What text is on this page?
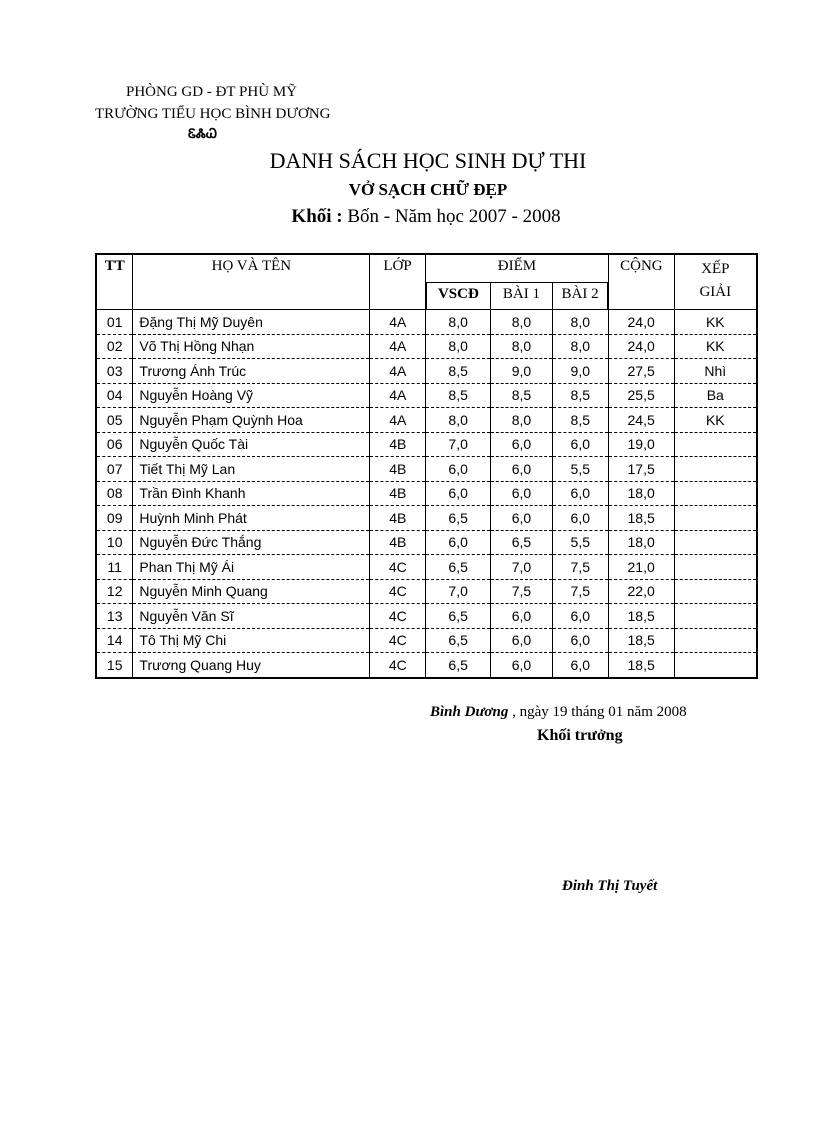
PHÒNG GD - ĐT PHÙ MỸ
TRƯỜNG TIỂU HỌC BÌNH DƯƠNG
ᏋᏜᏇ
DANH SÁCH HỌC SINH DỰ THI
VỞ SẠCH CHỮ ĐẸP
Khối : Bốn - Năm học 2007 - 2008
TT	HỌ VÀ TÊN	LỚP	ĐIỂM			CỘNG	XẾP GIẢI
			VSCĐ	BÀI 1	BÀI 2		
01	Đặng Thị Mỹ Duyên	4A	8,0	8,0	8,0	24,0	KK
02	Võ Thị Hồng Nhạn	4A	8,0	8,0	8,0	24,0	KK
03	Trương Ánh Trúc	4A	8,5	9,0	9,0	27,5	Nhì
04	Nguyễn Hoàng Vỹ	4A	8,5	8,5	8,5	25,5	Ba
05	Nguyễn Phạm Quỳnh Hoa	4A	8,0	8,0	8,5	24,5	KK
06	Nguyễn Quốc Tài	4B	7,0	6,0	6,0	19,0	
07	Tiết Thị Mỹ Lan	4B	6,0	6,0	5,5	17,5	
08	Trần Đình Khanh	4B	6,0	6,0	6,0	18,0	
09	Huỳnh Minh Phát	4B	6,5	6,0	6,0	18,5	
10	Nguyễn Đức Thắng	4B	6,0	6,5	5,5	18,0	
11	Phan Thị Mỹ Ái	4C	6,5	7,0	7,5	21,0	
12	Nguyễn Minh Quang	4C	7,0	7,5	7,5	22,0	
13	Nguyễn Văn Sĩ	4C	6,5	6,0	6,0	18,5	
14	Tô Thị Mỹ Chi	4C	6,5	6,0	6,0	18,5	
15	Trương Quang Huy	4C	6,5	6,0	6,0	18,5	
Bình Dương , ngày 19 tháng 01 năm 2008
Khối trưởng
Đinh Thị Tuyết
